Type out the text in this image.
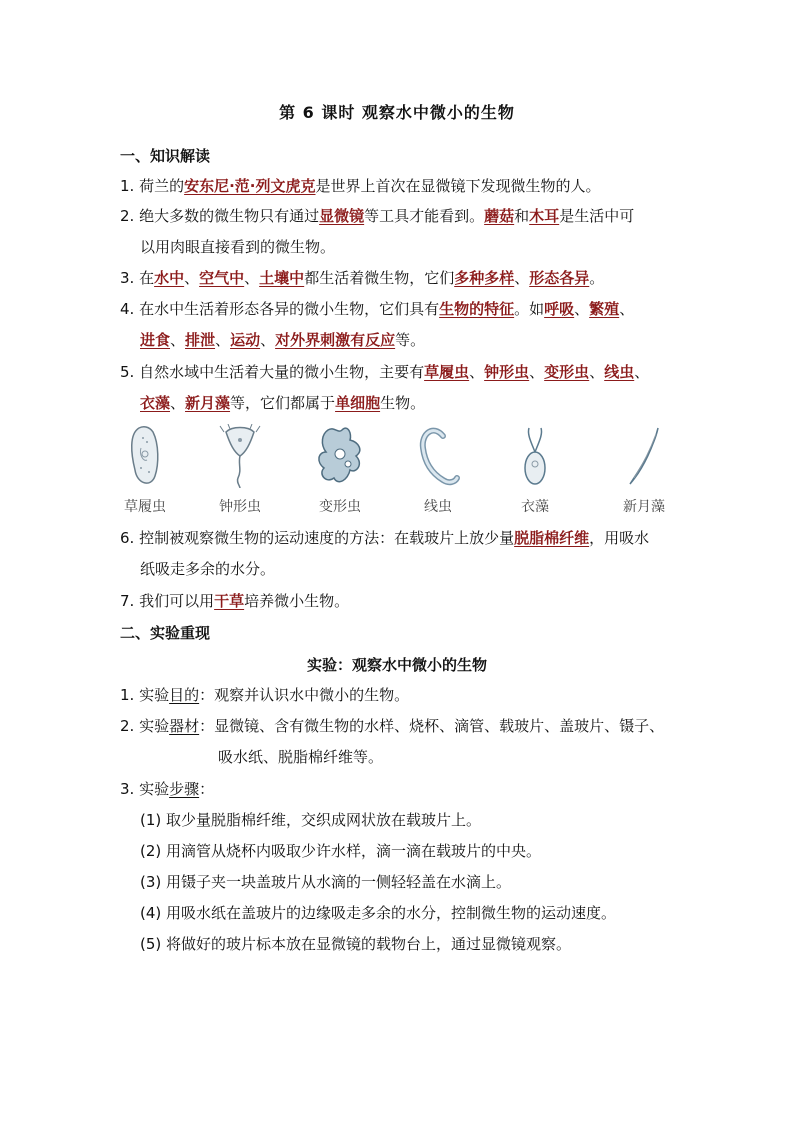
第 6 课时 观察水中微小的生物
一、知识解读
1. 荷兰的安东尼·范·列文虎克是世界上首次在显微镜下发现微生物的人。
2. 绝大多数的微生物只有通过显微镜等工具才能看到。蘑菇和木耳是生活中可
以用肉眼直接看到的微生物。
3. 在水中、空气中、土壤中都生活着微生物，它们多种多样、形态各异。
4. 在水中生活着形态各异的微小生物，它们具有生物的特征。如呼吸、繁殖、
进食、排泄、运动、对外界刺激有反应等。
5. 自然水域中生活着大量的微小生物，主要有草履虫、钟形虫、变形虫、线虫、
衣藻、新月藻等，它们都属于单细胞生物。
草履虫	钟形虫	变形虫	线虫	衣藻	新月藻
6. 控制被观察微生物的运动速度的方法：在载玻片上放少量脱脂棉纤维，用吸水
纸吸走多余的水分。
7. 我们可以用干草培养微小生物。
二、实验重现
实验：观察水中微小的生物
1. 实验目的：观察并认识水中微小的生物。
2. 实验器材：显微镜、含有微生物的水样、烧杯、滴管、载玻片、盖玻片、镊子、
吸水纸、脱脂棉纤维等。
3. 实验步骤：
(1) 取少量脱脂棉纤维，交织成网状放在载玻片上。
(2) 用滴管从烧杯内吸取少许水样，滴一滴在载玻片的中央。
(3) 用镊子夹一块盖玻片从水滴的一侧轻轻盖在水滴上。
(4) 用吸水纸在盖玻片的边缘吸走多余的水分，控制微生物的运动速度。
(5) 将做好的玻片标本放在显微镜的载物台上，通过显微镜观察。
